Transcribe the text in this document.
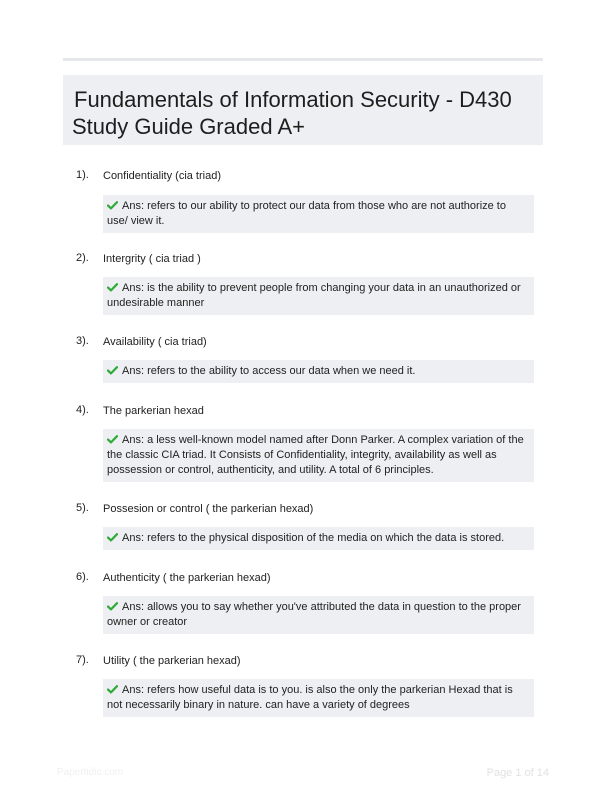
Fundamentals of Information Security - D430
Study Guide Graded A+
1). Confidentiality (cia triad)
Ans: refers to our ability to protect our data from those who are not authorize to use/ view it.
2). Intergrity ( cia triad )
Ans: is the ability to prevent people from changing your data in an unauthorized or undesirable manner
3). Availability ( cia triad)
Ans: refers to the ability to access our data when we need it.
4). The parkerian hexad
Ans: a less well-known model named after Donn Parker. A complex variation of the the classic CIA triad. It Consists of Confidentiality, integrity, availability as well as possession or control, authenticity, and utility. A total of 6 principles.
5). Possesion or control ( the parkerian hexad)
Ans: refers to the physical disposition of the media on which the data is stored.
6). Authenticity ( the parkerian hexad)
Ans: allows you to say whether you've attributed the data in question to the proper owner or creator
7). Utility ( the parkerian hexad)
Ans: refers how useful data is to you. is also the only the parkerian Hexad that is not necessarily binary in nature. can have a variety of degrees
Papertidic.com	Page 1 of 14
